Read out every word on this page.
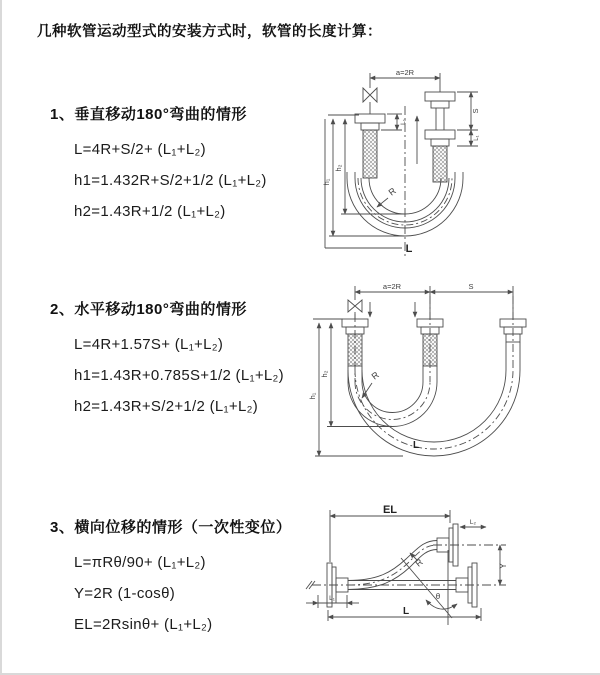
几种软管运动型式的安装方式时，软管的长度计算：
1、垂直移动180°弯曲的情形
L=4R+S/2+ (L₁+L₂)
h1=1.432R+S/2+1/2 (L₁+L₂)
h2=1.43R+1/2 (L₁+L₂)
2、水平移动180°弯曲的情形
L=4R+1.57S+ (L₁+L₂)
h1=1.43R+0.785S+1/2 (L₁+L₂)
h2=1.43R+S/2+1/2 (L₁+L₂)
3、横向位移的情形（一次性变位）
L=πRθ/90+ (L₁+L₂)
Y=2R (1-cosθ)
EL=2Rsinθ+ (L₁+L₂)
a=2R
L₁
S
L₁
h₂
h₁
L
R
a=2R	S
h₂
h₁
R
L
EL
L₂
Y
R
θ
L₁
L
